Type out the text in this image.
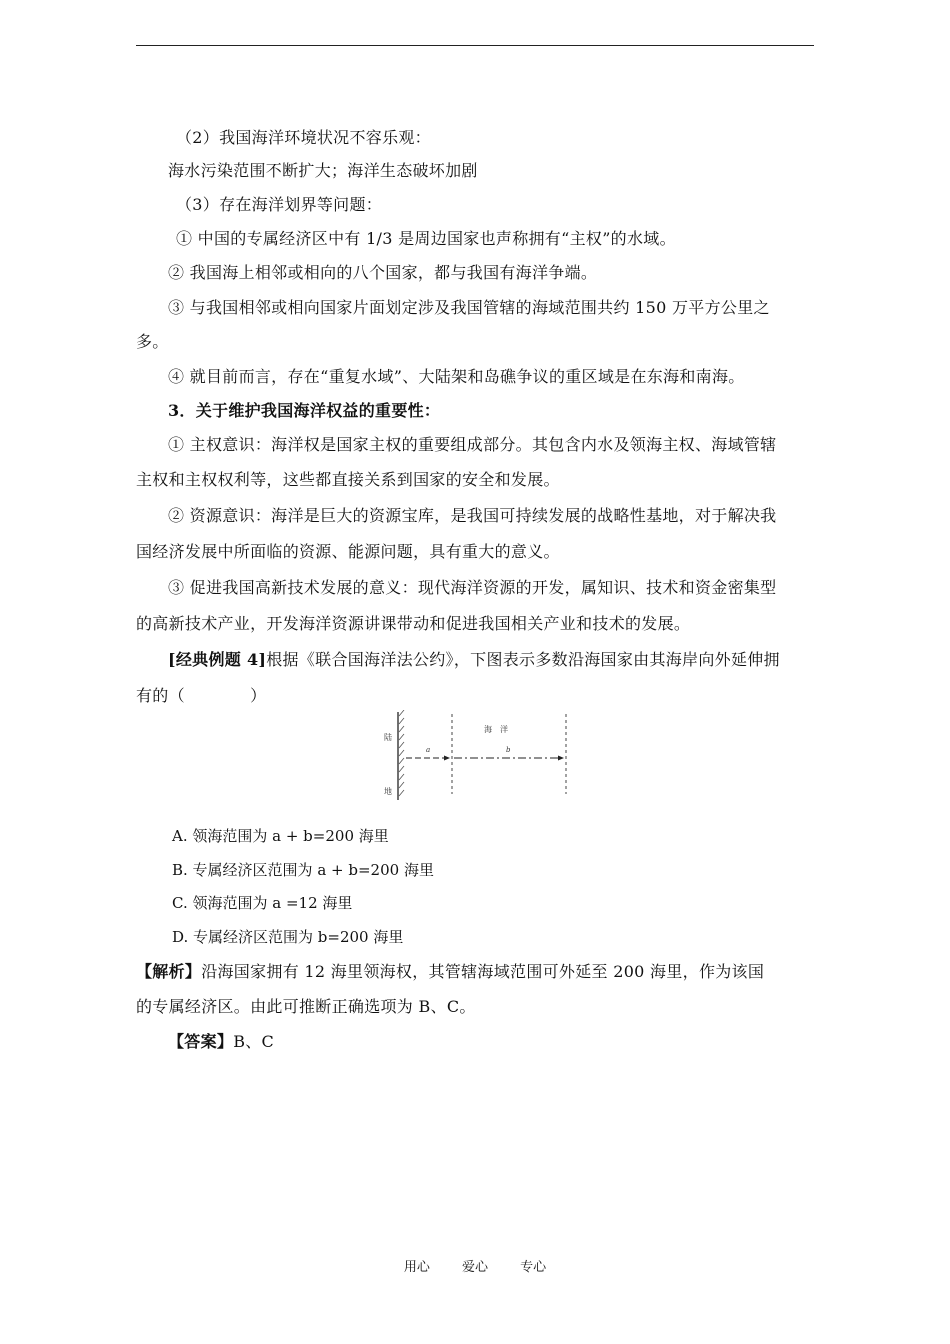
（2）我国海洋环境状况不容乐观：
海水污染范围不断扩大；海洋生态破坏加剧
（3）存在海洋划界等问题：
① 中国的专属经济区中有 1/3 是周边国家也声称拥有“主权”的水域。
② 我国海上相邻或相向的八个国家，都与我国有海洋争端。
③ 与我国相邻或相向国家片面划定涉及我国管辖的海域范围共约 150 万平方公里之
多。
④ 就目前而言，存在“重复水域”、大陆架和岛礁争议的重区域是在东海和南海。
3．关于维护我国海洋权益的重要性：
① 主权意识：海洋权是国家主权的重要组成部分。其包含内水及领海主权、海域管辖
主权和主权权利等，这些都直接关系到国家的安全和发展。
② 资源意识：海洋是巨大的资源宝库，是我国可持续发展的战略性基地，对于解决我
国经济发展中所面临的资源、能源问题，具有重大的意义。
③ 促进我国高新技术发展的意义：现代海洋资源的开发，属知识、技术和资金密集型
的高新技术产业，开发海洋资源讲课带动和促进我国相关产业和技术的发展。
[经典例题 4]根据《联合国海洋法公约》，下图表示多数沿海国家由其海岸向外延伸拥
有的（　　　　）
陆
地
海　洋
a	b
A. 领海范围为 a + b=200 海里
B. 专属经济区范围为 a + b=200 海里
C. 领海范围为 a =12 海里
D. 专属经济区范围为 b=200 海里
【解析】沿海国家拥有 12 海里领海权，其管辖海域范围可外延至 200 海里，作为该国
的专属经济区。由此可推断正确选项为 B、C。
【答案】B、C
用心 爱心 专心
